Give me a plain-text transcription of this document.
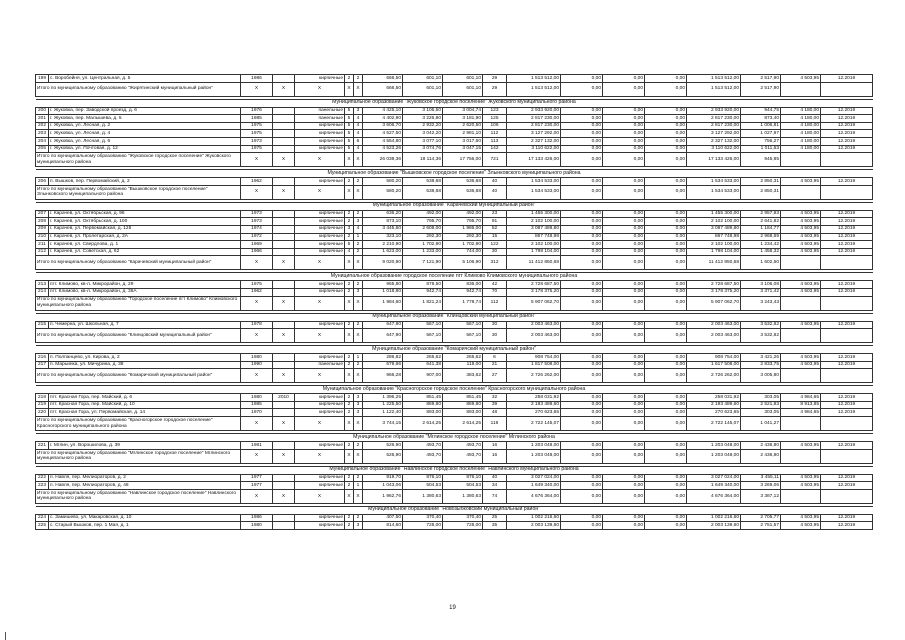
199	с. Воробейня, ул. Центральная, д. 5	1986		кирпичные	2	2	666,50	601,10	601,10	29	1 513 512,00	0,00	0,00	0,00	1 513 512,00	2 517,90	4 503,95	12.2019
Итого по муниципальному образованию "Жирятинский муниципальный район"		Х	Х	Х	Х	Х	666,50	601,10	601,10	29	1 513 512,00	0,00	0,00	0,00	1 513 512,00	2 517,90		

Муниципальное образование "Жуковское городское поселение" Жуковского муниципального района																		
200	г. Жуковка, пер. Заводской проезд, д. 6	1976		панельные	5	3	4 425,10	3 105,50	3 004,74	123	2 933 920,00	0,00	0,00	0,00	2 933 920,00	944,75	4 180,00	12.2019
201	г. Жуковка, пер. Малышева, д. 5	1985		панельные	5	4	4 402,90	3 226,80	3 181,90	125	2 817 230,00	0,00	0,00	0,00	2 817 230,00	873,40	4 180,00	12.2019
202	г. Жуковка, ул. Лесная, д. 2	1975		кирпичные	5	4	3 606,70	2 932,20	2 620,50	106	2 817 230,00	0,00	0,00	0,00	2 817 230,00	1 006,81	4 180,00	12.2019
203	г. Жуковка, ул. Лесная, д. 4	1975		кирпичные	5	4	4 527,50	3 042,20	2 981,10	112	3 127 292,00	0,00	0,00	0,00	3 127 292,00	1 027,97	4 180,00	12.2019
204	г. Жуковка, ул. Лесная, д. 6	1973		кирпичные	5	6	4 554,80	3 077,10	3 017,60	113	2 327 132,00	0,00	0,00	0,00	2 327 132,00	756,27	4 180,00	12.2019
205	г. Жуковка, ул. Почтовая, д. 12	1975		кирпичные	5	4	4 523,26	3 074,76	3 047,15	142	3 110 622,00	0,00	0,00	0,00	3 110 622,00	1 011,63	4 180,00	12.2019
Итого по муниципальному образованию "Жуковское городское поселение" Жуковского муниципального района		Х	Х	Х	Х	Х	26 039,36	18 114,36	17 756,00	721	17 133 426,00	0,00	0,00	0,00	17 133 426,00	945,85		

Муниципальное образование "Вышковское городское поселение" Злынковского муниципального района																		
206	п. Вышков, пер. Первомайский, д. 2	1962		кирпичные	2	2	580,20	538,68	536,68	40	1 534 533,00	0,00	0,00	0,00	1 534 533,00	2 850,31	4 503,95	12.2019
Итого по муниципальному образованию "Вышковское городское поселение" Злынковского муниципального района		Х	Х	Х	Х	Х	580,20	538,68	536,68	40	1 534 533,00	0,00	0,00	0,00	1 534 533,00	2 850,31		

Муниципальное образование "Карачевский муниципальный район"																		
207	г. Карачев, ул. Октябрьская, д. 96	1973		кирпичные	2	2	636,20	492,00	492,00	23	1 455 300,00	0,00	0,00	0,00	1 455 300,00	2 957,93	4 503,95	12.2019
208	г. Карачев, ул. Октябрьская, д. 100	1973		кирпичные	2	3	873,10	795,70	795,70	91	2 102 100,00	0,00	0,00	0,00	2 102 100,00	2 641,82	4 503,95	12.2019
209	г. Карачев, ул. Первомайская, д. 125	1974		кирпичные	3	4	3 445,60	2 608,00	1 986,00	52	3 087 489,80	0,00	0,00	0,00	3 087 489,80	1 184,77	4 503,95	12.2019
210	г. Карачев, ул. Пролетарская, д. 2А	1972		кирпичные	2	1	323,10	292,30	292,30	15	867 748,98	0,00	0,00	0,00	867 748,98	2 968,69	4 503,95	12.2019
211	г. Карачев, ул. Свердлова, д. 1	1969		кирпичные	5	2	2 210,90	1 702,90	1 702,90	122	2 102 100,00	0,00	0,00	0,00	2 102 100,00	1 234,42	4 503,95	12.2019
212	г. Карачев, ул. Советская, д. 62	1966		кирпичные	4	2	1 623,00	1 233,00	744,00	30	1 798 104,00	0,00	0,00	0,00	1 798 104,00	1 458,32	4 503,95	12.2019
Итого по муниципальному образованию "Карачевский муниципальный район"		Х	Х	Х	Х	Х	9 020,90	7 121,90	5 106,90	312	11 412 850,68	0,00	0,00	0,00	11 412 850,68	1 602,50		

Муниципальное образование городское поселение пгт Климово Климовского муниципального района																		
213	пгт. Климово, кв-л. Микрорайон, д. 29	1975		кирпичные	2	2	965,80	878,50	836,00	42	2 728 687,50	0,00	0,00	0,00	2 728 687,50	3 106,08	4 503,95	12.2019
214	пгт. Климово, кв-л. Микрорайон, д. 36А	1962		кирпичные	2	3	1 018,80	942,74	942,74	70	3 178 375,20	0,00	0,00	0,00	3 178 375,20	3 371,42	4 503,95	12.2019
Итого по муниципальному образованию "Городское поселение пгт Климово" Климовского муниципального района		Х	Х	Х	Х	Х	1 984,60	1 821,24	1 778,74	112	5 907 062,70	0,00	0,00	0,00	5 907 062,70	3 243,43		

Муниципальное образование "Клинцовский муниципальный район"																		
215	п. Чемерна, ул. Школьная, д. 7	1978		кирпичные	2	2	647,90	567,10	567,10	30	2 003 463,00	0,00	0,00	0,00	2 003 463,00	3 532,82	4 503,95	12.2019
Итого по муниципальному образованию "Клинцовский муниципальный район"		Х	Х	Х	Х	Х	647,90	567,10	567,10	30	2 003 463,00	0,00	0,00	0,00	2 003 463,00	3 532,82		

Муниципальное образование "Комаричский муниципальный район"																		
216	п. Полпанцево, ул. Кирова, д. 2	1980		кирпичные	2	1	286,82	265,62	265,62	6	908 754,00	0,00	0,00	0,00	908 754,00	3 421,26	4 503,95	12.2019
217	п. Марьинка, ул. Мичурина, д. 38	1990		панельные	2	2	679,66	641,38	118,00	21	1 817 508,00	0,00	0,00	0,00	1 617 508,00	2 833,75	4 503,95	12.2019
Итого по муниципальному образованию "Комаричский муниципальный район"		Х	Х	Х	Х	Х	966,28	907,00	383,62	27	2 726 262,00	0,00	0,00	0,00	2 726 262,00	3 005,80		

Муниципальное образование "Красногорское городское поселение" Красногорского муниципального района																		
218	пгт. Красная Гора, пер. Майский, д. 6	1980	2010	кирпичные	2	3	1 396,25	851,45	851,45	32	258 031,92	0,00	0,00	0,00	258 031,92	303,05	4 984,65	12.2019
219	пгт. Красная Гора, пер. Майский, д. 10	1985		кирпичные	2	3	1 225,50	869,80	869,80	39	2 193 489,60	0,00	0,00	0,00	2 193 489,60	2 521,83	8 913,85	12.2019
220	пгт. Красная Гора, ул. Первомайская, д. 14	1970		кирпичные	2	3	1 122,40	893,00	893,00	48	270 623,65	0,00	0,00	0,00	270 623,65	303,05	4 984,65	12.2019
Итого по муниципальному образованию "Красногорское городское поселение" Красногорского муниципального района		Х	Х	Х	Х	Х	3 744,15	2 614,25	2 614,25	119	2 722 145,07	0,00	0,00	0,00	2 722 145,07	1 041,27		

Муниципальное образование "Мглинское городское поселение" Мглинского района																		
221	г. Мглин, ул. Ворошилова, д. 39	1981		кирпичные	2	2	526,90	493,70	493,70	16	1 203 048,00	0,00	0,00	0,00	1 203 048,00	2 436,80	4 503,95	12.2019
Итого по муниципальному образованию "Мглинское городское поселение" Мглинского муниципального района		Х	Х	Х	Х	Х	526,90	493,70	493,70	16	1 203 048,00	0,00	0,00	0,00	1 203 048,00	2 436,80		

Муниципальное образование "Навлинское городское поселение" Навлинского муниципального района																		
222	п. Навля, пер. Мелиораторов, д. 2	1977		кирпичные	2	2	919,70	876,10	876,10	40	3 027 024,00	0,00	0,00	0,00	3 027 024,00	3 455,11	4 503,95	12.2019
223	п. Навля, пер. Мелиораторов, д. 48	1977		кирпичные	2	1	1 043,06	504,53	504,53	34	1 649 340,00	0,00	0,00	0,00	1 649 340,00	3 269,06	4 503,95	12.2019
Итого по муниципальному образованию "Навлинское городское поселение" Навлинского муниципального района		Х	Х	Х	Х	Х	1 962,76	1 380,63	1 380,63	74	4 676 364,00	0,00	0,00	0,00	4 676 364,00	3 387,12		

Муниципальное образование "Новозыбковский муниципальный район"																		
224	с. Замишево, ул. Макаровская, д. 10	1986		кирпичные	2	2	407,50	370,40	370,40	25	1 002 216,60	0,00	0,00	0,00	1 002 216,60	2 705,77	4 503,95	12.2019
225	с. Старый Вышков, пер. 1 Мая, д. 1	1980		кирпичные	2	3	814,60	728,00	728,00	35	2 003 139,60	0,00	0,00	0,00	2 003 139,60	2 751,57	4 503,95	12.2019
19
